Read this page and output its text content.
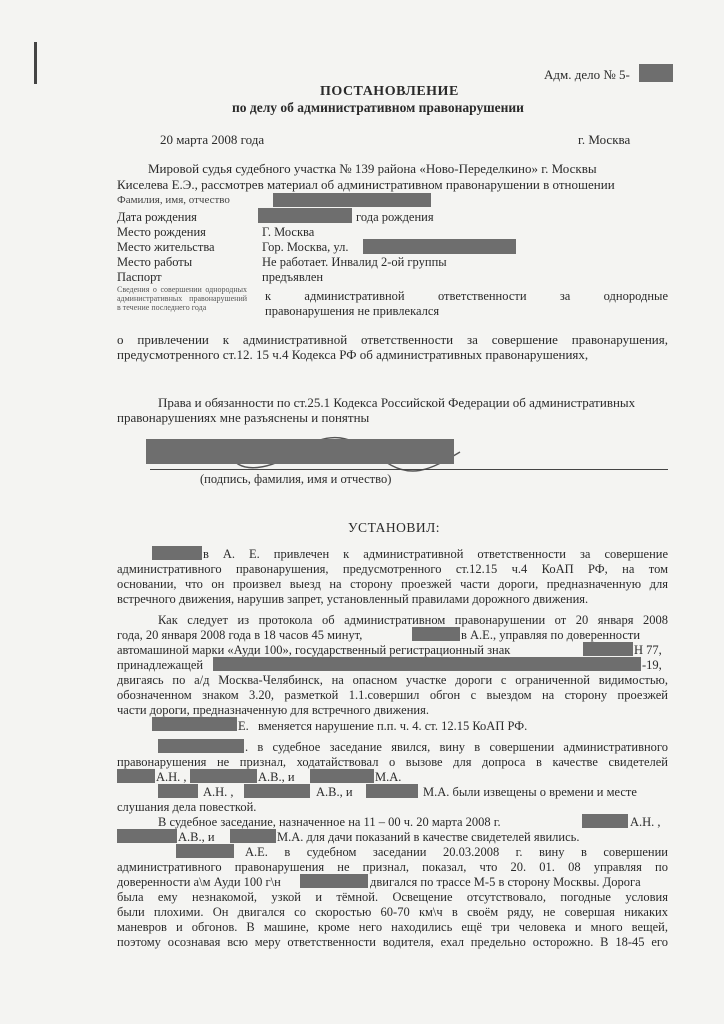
Адм. дело № 5-
ПОСТАНОВЛЕНИЕ
по делу об административном правонарушении
20 марта 2008 года	г. Москва
Мировой судья судебного участка № 139 района «Ново-Переделкино» г. Москвы
Киселева Е.Э., рассмотрев материал об административном правонарушении в отношении
Фамилия, имя, отчество
Дата рождения	года рождения
Место рождения	Г. Москва
Место жительства	Гор. Москва, ул.
Место работы	Не работает. Инвалид 2-ой группы
Паспорт	предъявлен
Сведения о совершении однородных административных правонарушений в течение последнего года
к административной ответственности за однородные
правонарушения не привлекался
о привлечении к административной ответственности за совершение правонарушения,
предусмотренного ст.12. 15 ч.4 Кодекса РФ об административных правонарушениях,
Права и обязанности по ст.25.1 Кодекса Российской Федерации об административных
правонарушениях мне разъяснены и понятны
(подпись, фамилия, имя и отчество)
УСТАНОВИЛ:
в А. Е. привлечен к административной ответственности за совершение
административного правонарушения, предусмотренного ст.12.15 ч.4 КоАП РФ, на том
основании, что он произвел выезд на сторону проезжей части дороги, предназначенную для
встречного движения, нарушив запрет, установленный правилами дорожного движения.
Как следует из протокола об административном правонарушении от 20 января 2008
года, 20 января 2008 года в 18 часов 45 минут,	в А.Е., управляя по доверенности
автомашиной марки «Ауди 100», государственный регистрационный знак	Н 77,
принадлежащей	-19,
двигаясь по а/д Москва-Челябинск, на опасном участке дороги с ограниченной видимостью,
обозначенном знаком 3.20, разметкой 1.1.совершил обгон с выездом на сторону проезжей
части дороги, предназначенную для встречного движения.
Е. вменяется нарушение п.п. ч. 4. ст. 12.15 КоАП РФ.
. в судебное заседание явился, вину в совершении административного
правонарушения не признал, ходатайствовал о вызове для допроса в качестве свидетелей
А.Н. ,	А.В., и	М.А.
А.Н. ,	А.В., и	М.А. были извещены о времени и месте
слушания дела повесткой.
В судебное заседание, назначенное на 11 – 00 ч. 20 марта 2008 г.	А.Н. ,
А.В., и	М.А. для дачи показаний в качестве свидетелей явились.
А.Е. в судебном заседании 20.03.2008 г. вину в совершении
административного правонарушения не признал, показал, что 20. 01. 08 управляя по
доверенности а\м Ауди 100 г\н	двигался по трассе М-5 в сторону Москвы. Дорога
была ему незнакомой, узкой и тёмной. Освещение отсутствовало, погодные условия
были плохими. Он двигался со скоростью 60-70 км\ч в своём ряду, не совершая никаких
маневров и обгонов. В машине, кроме него находились ещё три человека и много вещей,
поэтому осознавая всю меру ответственности водителя, ехал предельно осторожно. В 18-45 его
